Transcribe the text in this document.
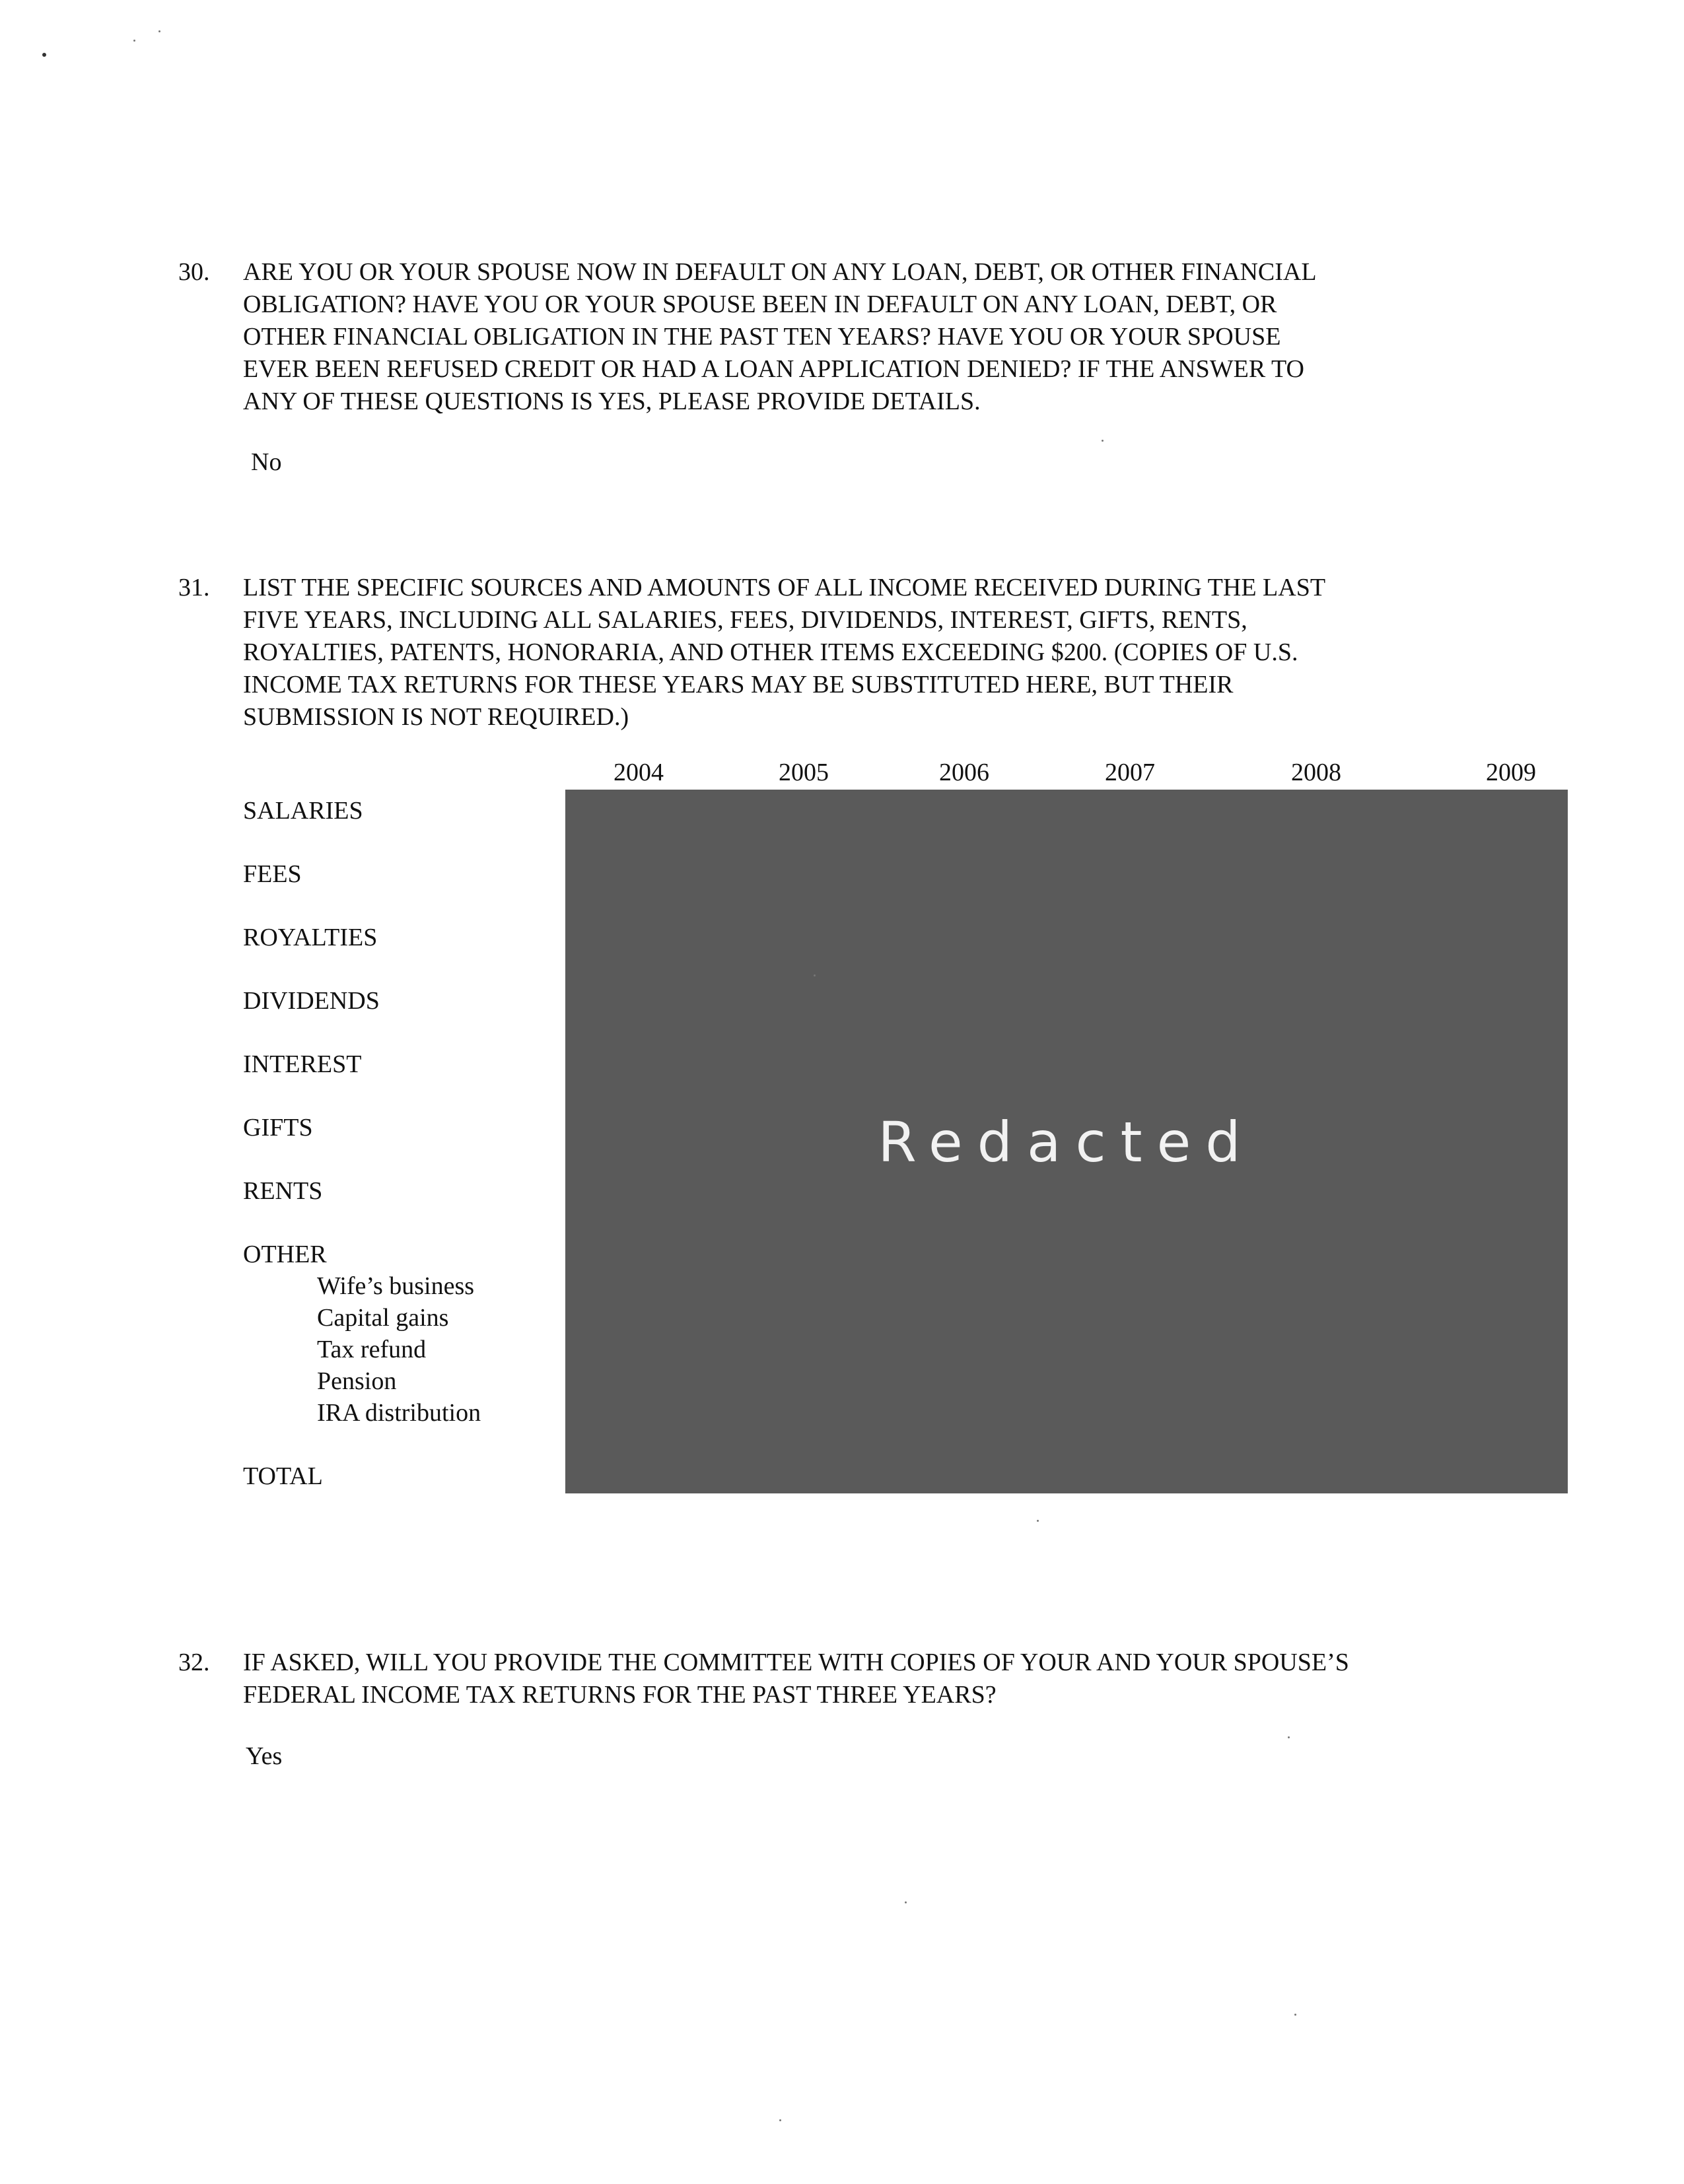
30. ARE YOU OR YOUR SPOUSE NOW IN DEFAULT ON ANY LOAN, DEBT, OR OTHER FINANCIAL
OBLIGATION? HAVE YOU OR YOUR SPOUSE BEEN IN DEFAULT ON ANY LOAN, DEBT, OR
OTHER FINANCIAL OBLIGATION IN THE PAST TEN YEARS? HAVE YOU OR YOUR SPOUSE
EVER BEEN REFUSED CREDIT OR HAD A LOAN APPLICATION DENIED? IF THE ANSWER TO
ANY OF THESE QUESTIONS IS YES, PLEASE PROVIDE DETAILS.
No
31. LIST THE SPECIFIC SOURCES AND AMOUNTS OF ALL INCOME RECEIVED DURING THE LAST
FIVE YEARS, INCLUDING ALL SALARIES, FEES, DIVIDENDS, INTEREST, GIFTS, RENTS,
ROYALTIES, PATENTS, HONORARIA, AND OTHER ITEMS EXCEEDING $200. (COPIES OF U.S.
INCOME TAX RETURNS FOR THESE YEARS MAY BE SUBSTITUTED HERE, BUT THEIR
SUBMISSION IS NOT REQUIRED.)
2004	2005	2006	2007	2008	2009
SALARIES
FEES
ROYALTIES
DIVIDENDS
INTEREST
GIFTS
RENTS
OTHER
Wife’s business
Capital gains
Tax refund
Pension
IRA distribution
TOTAL
Redacted
32. IF ASKED, WILL YOU PROVIDE THE COMMITTEE WITH COPIES OF YOUR AND YOUR SPOUSE’S
FEDERAL INCOME TAX RETURNS FOR THE PAST THREE YEARS?
Yes
